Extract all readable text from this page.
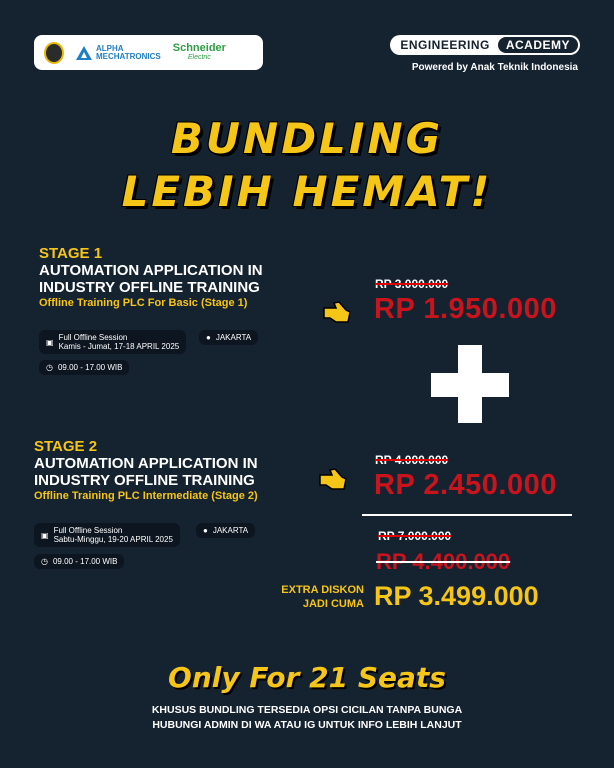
ALPHA
MECHATRONICS
Schneider
Electric
ENGINEERING	ACADEMY
Powered by Anak Teknik Indonesia
BUNDLING
LEBIH HEMAT!
STAGE 1
AUTOMATION APPLICATION IN
INDUSTRY OFFLINE TRAINING
Offline Training PLC For Basic (Stage 1)
▣ Full Offline Session
Kamis - Jumat, 17-18 APRIL 2025
● JAKARTA
◷ 09.00 - 17.00 WIB
RP 3.000.000
RP 1.950.000
STAGE 2
AUTOMATION APPLICATION IN
INDUSTRY OFFLINE TRAINING
Offline Training PLC Intermediate (Stage 2)
▣ Full Offline Session
Sabtu-Minggu, 19-20 APRIL 2025
● JAKARTA
◷ 09.00 - 17.00 WIB
RP 4.000.000
RP 2.450.000
RP 7.000.000
RP 4.400.000
EXTRA DISKON
JADI CUMA RP 3.499.000
Only For 21 Seats
KHUSUS BUNDLING TERSEDIA OPSI CICILAN TANPA BUNGA
HUBUNGI ADMIN DI WA ATAU IG UNTUK INFO LEBIH LANJUT
